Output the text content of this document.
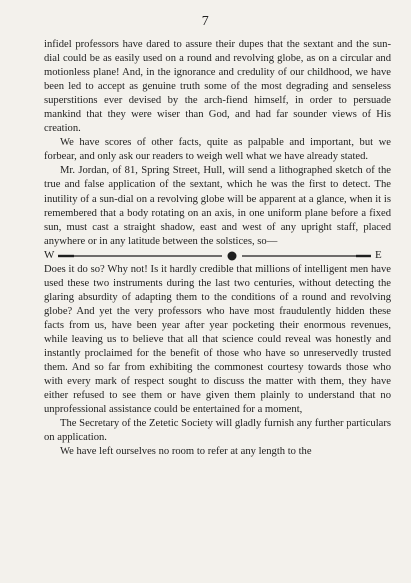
7

infidel professors have dared to assure their dupes that the sextant and the sun-dial could be as easily used on a round and revolving globe, as on a circular and motionless plane! And, in the ignorance and credulity of our childhood, we have been led to accept as genuine truth some of the most degrading and senseless superstitions ever devised by the arch-fiend himself, in order to persuade mankind that they were wiser than God, and had far sounder views of His creation.

We have scores of other facts, quite as palpable and important, but we forbear, and only ask our readers to weigh well what we have already stated.

Mr. Jordan, of 81, Spring Street, Hull, will send a lithographed sketch of the true and false application of the sextant, which he was the first to detect. The inutility of a sun-dial on a revolving globe will be apparent at a glance, when it is remembered that a body rotating on an axis, in one uniform plane before a fixed sun, must cast a straight shadow, east and west of any upright staff, placed anywhere or in any latitude between the solstices, so—

W	E

Does it do so? Why not! Is it hardly credible that millions of intelligent men have used these two instruments during the last two centuries, without detecting the glaring absurdity of adapting them to the conditions of a round and revolving globe? And yet the very professors who have most fraudulently hidden these facts from us, have been year after year pocketing their enormous revenues, while leaving us to believe that all that science could reveal was honestly and instantly proclaimed for the benefit of those who have so unreservedly trusted them. And so far from exhibiting the commonest courtesy towards those who with every mark of respect sought to discuss the matter with them, they have either refused to see them or have given them plainly to understand that no unprofessional assistance could be entertained for a moment,

The Secretary of the Zetetic Society will gladly furnish any further particulars on application.

We have left ourselves no room to refer at any length to the
